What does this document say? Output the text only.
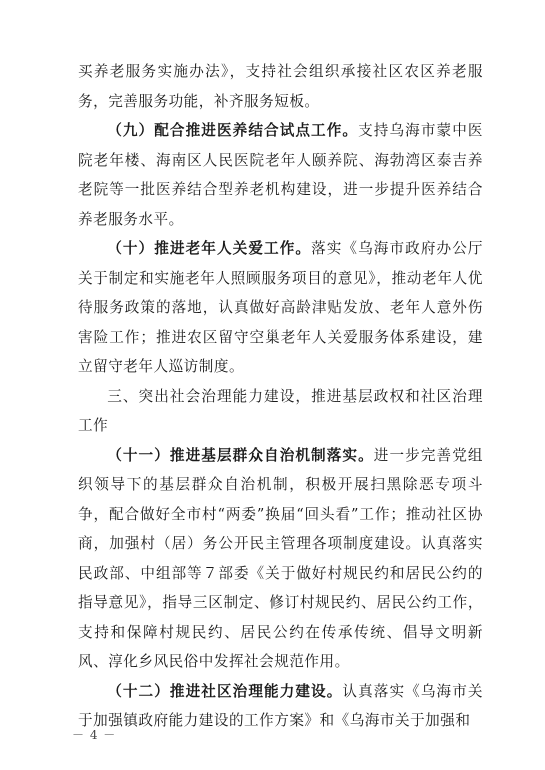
买养老服务实施办法》，支持社会组织承接社区农区养老服务，完善服务功能，补齐服务短板。

（九）配合推进医养结合试点工作。支持乌海市蒙中医院老年楼、海南区人民医院老年人颐养院、海勃湾区泰吉养老院等一批医养结合型养老机构建设，进一步提升医养结合养老服务水平。

（十）推进老年人关爱工作。落实《乌海市政府办公厅关于制定和实施老年人照顾服务项目的意见》，推动老年人优待服务政策的落地，认真做好高龄津贴发放、老年人意外伤害险工作；推进农区留守空巢老年人关爱服务体系建设，建立留守老年人巡访制度。

三、突出社会治理能力建设，推进基层政权和社区治理工作

（十一）推进基层群众自治机制落实。进一步完善党组织领导下的基层群众自治机制，积极开展扫黑除恶专项斗争，配合做好全市村“两委”换届“回头看”工作；推动社区协商，加强村（居）务公开民主管理各项制度建设。认真落实民政部、中组部等７部委《关于做好村规民约和居民公约的指导意见》，指导三区制定、修订村规民约、居民公约工作，支持和保障村规民约、居民公约在传承传统、倡导文明新风、淳化乡风民俗中发挥社会规范作用。

（十二）推进社区治理能力建设。认真落实《乌海市关于加强镇政府能力建设的工作方案》和《乌海市关于加强和

－ 4 －
